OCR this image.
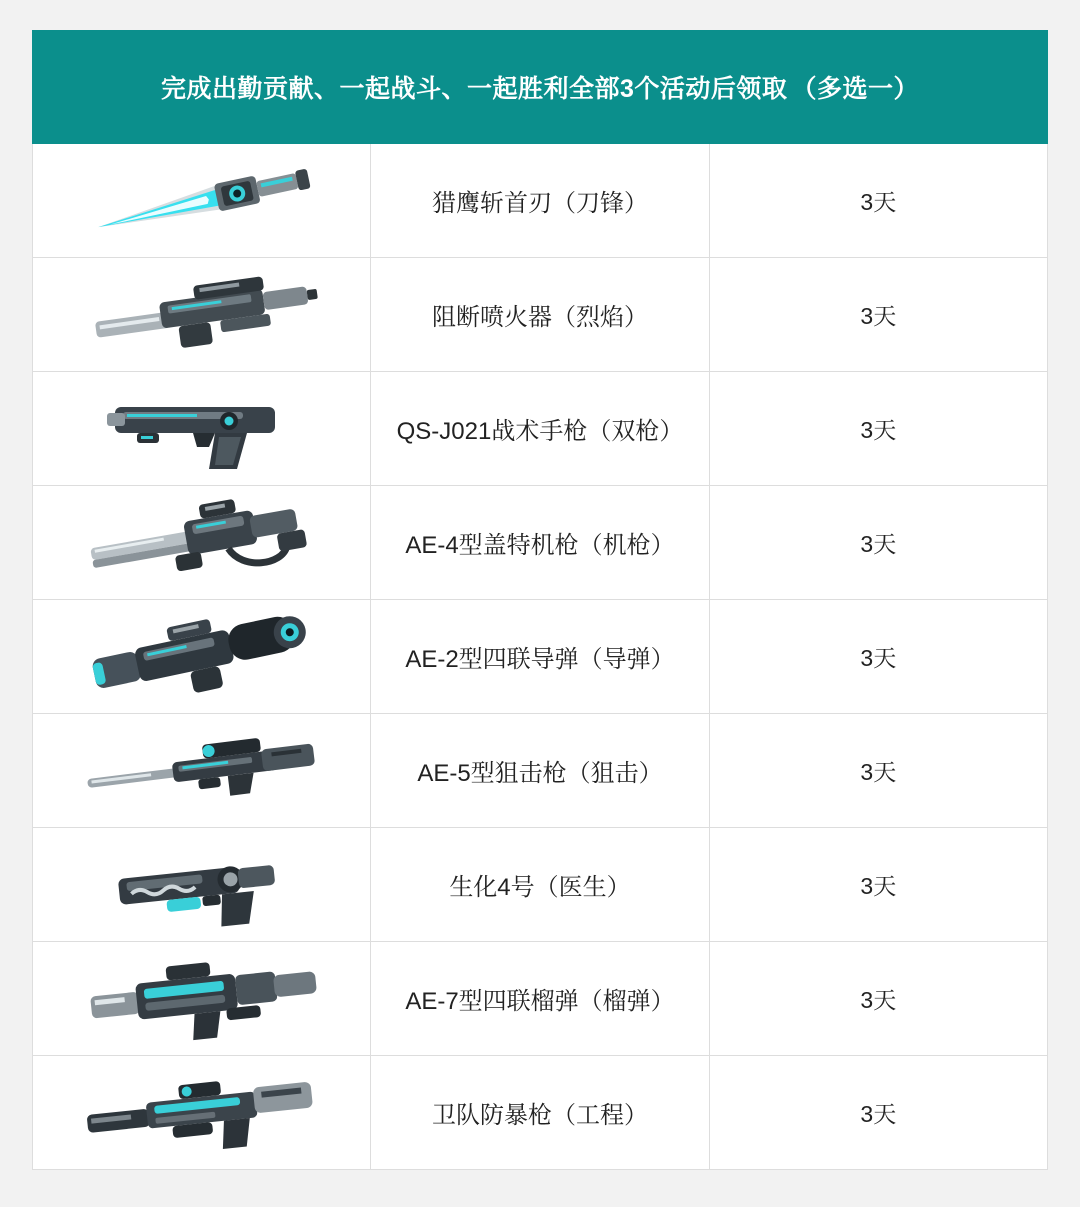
完成出勤贡献、一起战斗、一起胜利全部3个活动后领取 （多选一）		

	猎鹰斩首刃（刀锋）	3天

	阻断喷火器（烈焰）	3天

	QS-J021战术手枪（双枪）	3天

	AE-4型盖特机枪（机枪）	3天

	AE-2型四联导弹（导弹）	3天

	AE-5型狙击枪（狙击）	3天

	生化4号（医生）	3天

	AE-7型四联榴弹（榴弹）	3天

	卫队防暴枪（工程）	3天
